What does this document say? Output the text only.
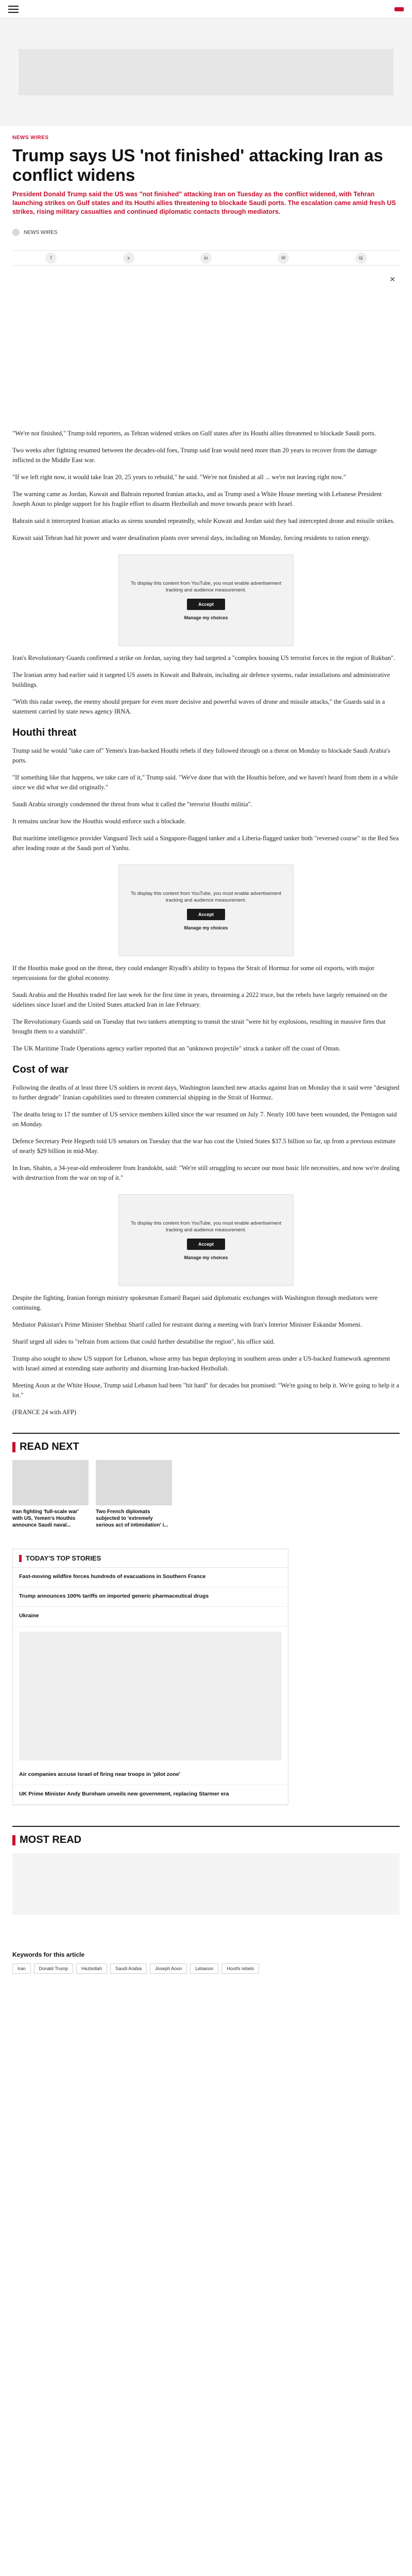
NEWS WIRES
Trump says US 'not finished' attacking Iran as conflict widens

President Donald Trump said the US was "not finished" attacking Iran on Tuesday as the conflict widened, with Tehran launching strikes on Gulf states and its Houthi allies threatening to blockade Saudi ports. The escalation came amid fresh US strikes, rising military casualties and continued diplomatic contacts through mediators.

NEWS WIRES
f	x	in	✉	⧉
✕

"We're not finished," Trump told reporters, as Tehran widened strikes on Gulf states after its Houthi allies threatened to blockade Saudi ports.

Two weeks after fighting resumed between the decades-old foes, Trump said Iran would need more than 20 years to recover from the damage inflicted in the Middle East war.

"If we left right now, it would take Iran 20, 25 years to rebuild," he said. "We're not finished at all ... we're not leaving right now."

The warning came as Jordan, Kuwait and Bahrain reported Iranian attacks, and as Trump used a White House meeting with Lebanese President Joseph Aoun to pledge support for his fragile effort to disarm Hezbollah and move towards peace with Israel.

Bahrain said it intercepted Iranian attacks as sirens sounded repeatedly, while Kuwait and Jordan said they had intercepted drone and missile strikes.

Kuwait said Tehran had hit power and water desalination plants over several days, including on Monday, forcing residents to ration energy.

To display this content from YouTube, you must enable advertisement tracking and audience measurement.

Accept
Manage my choices

Iran's Revolutionary Guards confirmed a strike on Jordan, saying they had targeted a "complex housing US terrorist forces in the region of Rukban".

The Iranian army had earlier said it targeted US assets in Kuwait and Bahrain, including air defence systems, radar installations and administrative buildings.

"With this radar sweep, the enemy should prepare for even more decisive and powerful waves of drone and missile attacks," the Guards said in a statement carried by state news agency IRNA.

Houthi threat

Trump said he would "take care of" Yemen's Iran-backed Houthi rebels if they followed through on a threat on Monday to blockade Saudi Arabia's ports.

"If something like that happens, we take care of it," Trump said. "We've done that with the Houthis before, and we haven't heard from them in a while since we did what we did originally."

Saudi Arabia strongly condemned the threat from what it called the "terrorist Houthi militia".

It remains unclear how the Houthis would enforce such a blockade.

But maritime intelligence provider Vanguard Tech said a Singapore-flagged tanker and a Liberia-flagged tanker both "reversed course" in the Red Sea after leading route at the Saudi port of Yanbu.

To display this content from YouTube, you must enable advertisement tracking and audience measurement.

Accept
Manage my choices

If the Houthis make good on the threat, they could endanger Riyadh's ability to bypass the Strait of Hormuz for some oil exports, with major repercussions for the global economy.

Saudi Arabia and the Houthis traded fire last week for the first time in years, threatening a 2022 truce, but the rebels have largely remained on the sidelines since Israel and the United States attacked Iran in late February.

The Revolutionary Guards said on Tuesday that two tankers attempting to transit the strait "were hit by explosions, resulting in massive fires that brought them to a standstill".

The UK Maritime Trade Operations agency earlier reported that an "unknown projectile" struck a tanker off the coast of Oman.

Cost of war

Following the deaths of at least three US soldiers in recent days, Washington launched new attacks against Iran on Monday that it said were "designed to further degrade" Iranian capabilities used to threaten commercial shipping in the Strait of Hormuz.

The deaths bring to 17 the number of US service members killed since the war resumed on July 7. Nearly 100 have been wounded, the Pentagon said on Monday.

Defence Secretary Pete Hegseth told US senators on Tuesday that the war has cost the United States $37.5 billion so far, up from a previous estimate of nearly $29 billion in mid-May.

In Iran, Shahin, a 34-year-old embroiderer from Irandokht, said: "We're still struggling to secure our most basic life necessities, and now we're dealing with destruction from the war on top of it."

To display this content from YouTube, you must enable advertisement tracking and audience measurement.

Accept
Manage my choices

Despite the fighting, Iranian foreign ministry spokesman Esmaeil Baqaei said diplomatic exchanges with Washington through mediators were continuing.

Mediator Pakistan's Prime Minister Shehbaz Sharif called for restraint during a meeting with Iran's Interior Minister Eskandar Momeni.

Sharif urged all sides to "refrain from actions that could further destabilise the region", his office said.

Trump also sought to show US support for Lebanon, whose army has begun deploying in southern areas under a US-backed framework agreement with Israel aimed at extending state authority and disarming Iran-backed Hezbollah.

Meeting Aoun at the White House, Trump said Lebanon had been "hit hard" for decades but promised: "We're going to help it. We're going to help it a lot."

(FRANCE 24 with AFP)

READ NEXT
Iran fighting 'full-scale war' with US, Yemen's Houthis announce Saudi naval...
Two French diplomats subjected to 'extremely serious act of intimidation' i...
TODAY'S TOP STORIES
Fast-moving wildfire forces hundreds of evacuations in Southern France
Trump announces 100% tariffs on imported generic pharmaceutical drugs
Ukraine
Air companies accuse Israel of firing near troops in 'pilot zone'
UK Prime Minister Andy Burnham unveils new government, replacing Starmer era
MOST READ
Keywords for this article
Iran	Donald Trump	Hezbollah	Saudi Arabia	Joseph Aoun	Lebanon	Houthi rebels
